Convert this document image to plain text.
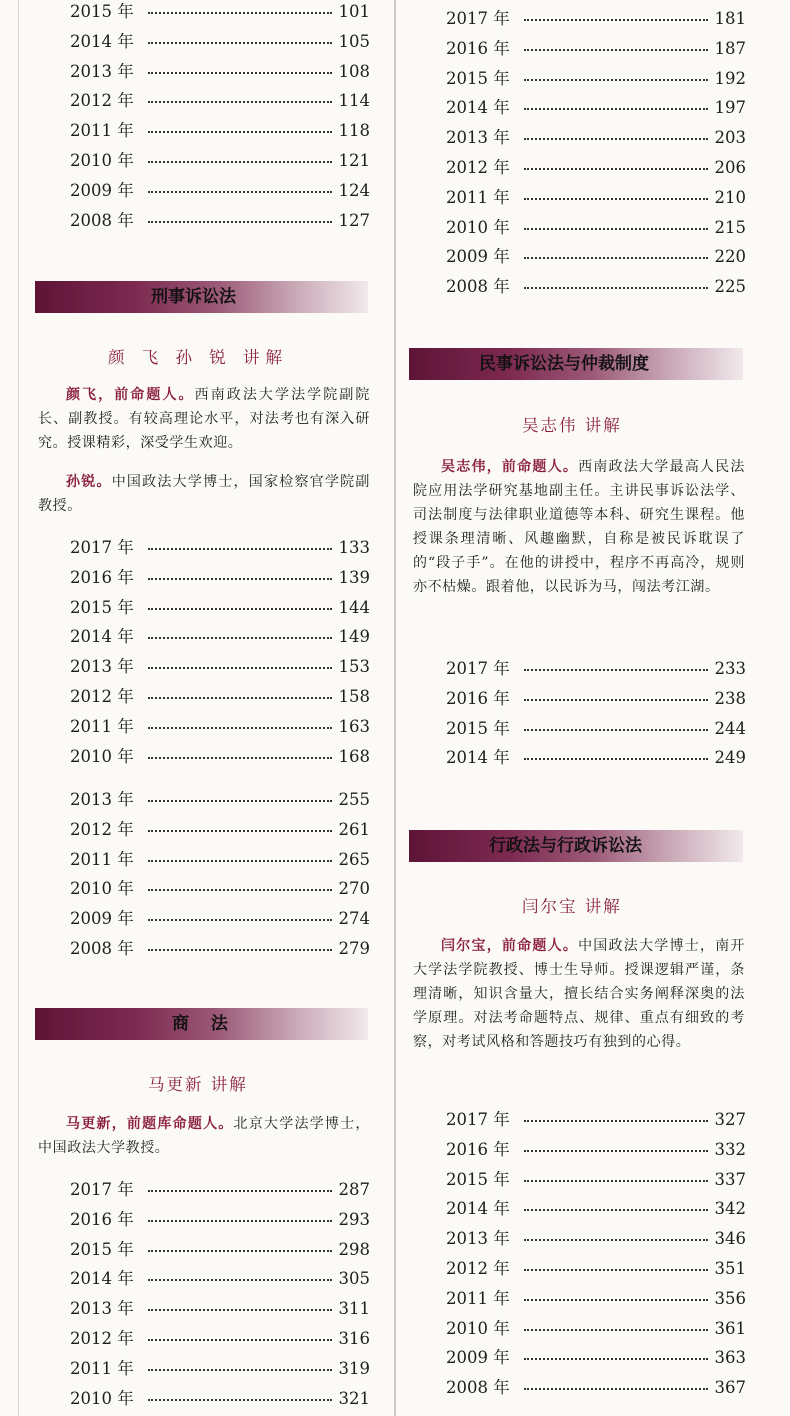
2015 年	101
2014 年	105
2013 年	108
2012 年	114
2011 年	118
2010 年	121
2009 年	124
2008 年	127
刑事诉讼法
颜 飞 孙 锐 讲解
颜飞，前命题人。西南政法大学法学院副院长、副教授。有较高理论水平，对法考也有深入研究。授课精彩，深受学生欢迎。
孙锐。中国政法大学博士，国家检察官学院副教授。
2017 年	133
2016 年	139
2015 年	144
2014 年	149
2013 年	153
2012 年	158
2011 年	163
2010 年	168
2013 年	255
2012 年	261
2011 年	265
2010 年	270
2009 年	274
2008 年	279
商 法
马更新 讲解
马更新，前题库命题人。北京大学法学博士，中国政法大学教授。
2017 年	287
2016 年	293
2015 年	298
2014 年	305
2013 年	311
2012 年	316
2011 年	319
2010 年	321
2017 年	181
2016 年	187
2015 年	192
2014 年	197
2013 年	203
2012 年	206
2011 年	210
2010 年	215
2009 年	220
2008 年	225
民事诉讼法与仲裁制度
吴志伟 讲解
吴志伟，前命题人。西南政法大学最高人民法院应用法学研究基地副主任。主讲民事诉讼法学、司法制度与法律职业道德等本科、研究生课程。他授课条理清晰、风趣幽默，自称是被民诉耽误了的“段子手”。在他的讲授中，程序不再高冷，规则亦不枯燥。跟着他，以民诉为马，闯法考江湖。
2017 年	233
2016 年	238
2015 年	244
2014 年	249
行政法与行政诉讼法
闫尔宝 讲解
闫尔宝，前命题人。中国政法大学博士，南开大学法学院教授、博士生导师。授课逻辑严谨，条理清晰，知识含量大，擅长结合实务阐释深奥的法学原理。对法考命题特点、规律、重点有细致的考察，对考试风格和答题技巧有独到的心得。
2017 年	327
2016 年	332
2015 年	337
2014 年	342
2013 年	346
2012 年	351
2011 年	356
2010 年	361
2009 年	363
2008 年	367
